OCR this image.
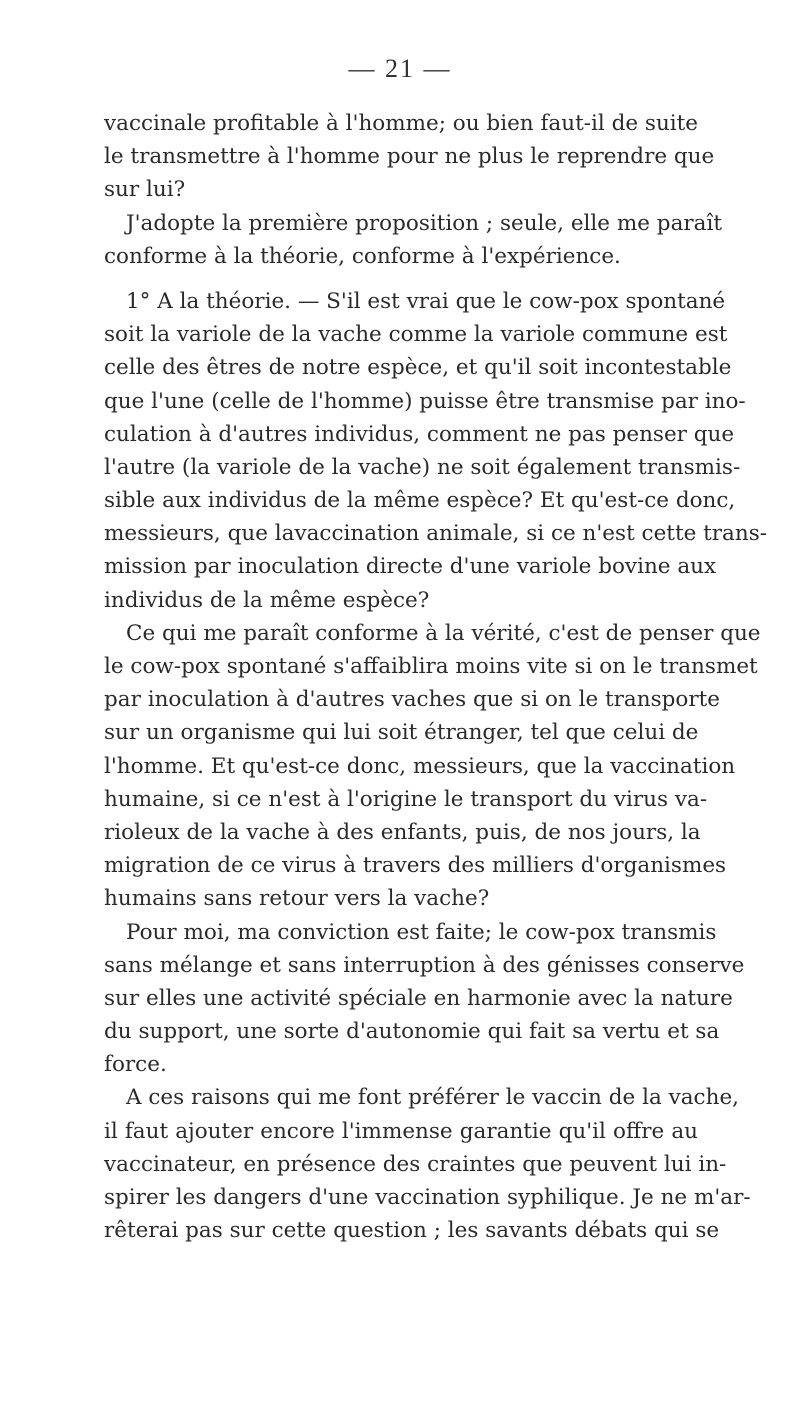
— 21 —
vaccinale profitable à l'homme; ou bien faut-il de suite
le transmettre à l'homme pour ne plus le reprendre que
sur lui?
J'adopte la première proposition ; seule, elle me paraît
conforme à la théorie, conforme à l'expérience.
1° A la théorie. — S'il est vrai que le cow-pox spontané
soit la variole de la vache comme la variole commune est
celle des êtres de notre espèce, et qu'il soit incontestable
que l'une (celle de l'homme) puisse être transmise par ino-
culation à d'autres individus, comment ne pas penser que
l'autre (la variole de la vache) ne soit également transmis-
sible aux individus de la même espèce? Et qu'est-ce donc,
messieurs, que lavaccination animale, si ce n'est cette trans-
mission par inoculation directe d'une variole bovine aux
individus de la même espèce?
Ce qui me paraît conforme à la vérité, c'est de penser que
le cow-pox spontané s'affaiblira moins vite si on le transmet
par inoculation à d'autres vaches que si on le transporte
sur un organisme qui lui soit étranger, tel que celui de
l'homme. Et qu'est-ce donc, messieurs, que la vaccination
humaine, si ce n'est à l'origine le transport du virus va-
rioleux de la vache à des enfants, puis, de nos jours, la
migration de ce virus à travers des milliers d'organismes
humains sans retour vers la vache?
Pour moi, ma conviction est faite; le cow-pox transmis
sans mélange et sans interruption à des génisses conserve
sur elles une activité spéciale en harmonie avec la nature
du support, une sorte d'autonomie qui fait sa vertu et sa
force.
A ces raisons qui me font préférer le vaccin de la vache,
il faut ajouter encore l'immense garantie qu'il offre au
vaccinateur, en présence des craintes que peuvent lui in-
spirer les dangers d'une vaccination syphilique. Je ne m'ar-
rêterai pas sur cette question ; les savants débats qui se
